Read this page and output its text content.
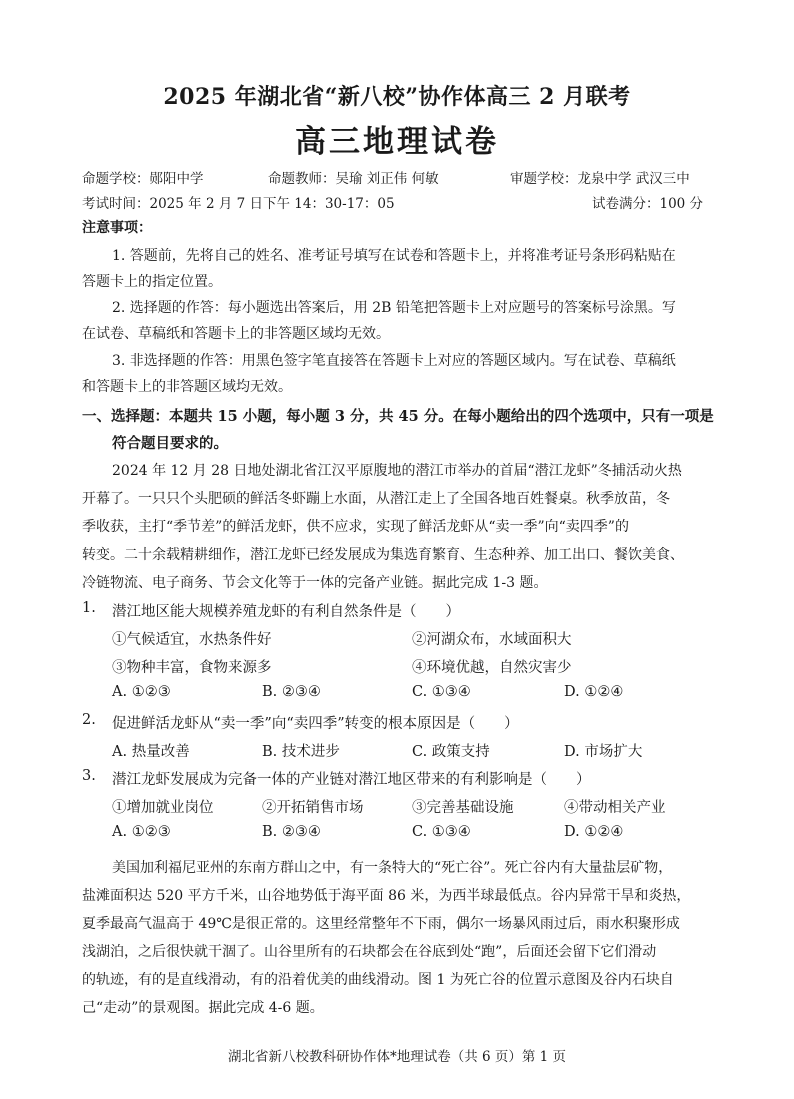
2025 年湖北省“新八校”协作体高三 2 月联考
高三地理试卷
命题学校：郧阳中学	命题教师：吴瑜 刘正伟 何敏	审题学校：龙泉中学 武汉三中
考试时间：2025 年 2 月 7 日下午 14：30-17：05	试卷满分：100 分
注意事项：
1. 答题前，先将自己的姓名、准考证号填写在试卷和答题卡上，并将准考证号条形码粘贴在
答题卡上的指定位置。
2. 选择题的作答：每小题选出答案后，用 2B 铅笔把答题卡上对应题号的答案标号涂黑。写
在试卷、草稿纸和答题卡上的非答题区域均无效。
3. 非选择题的作答：用黑色签字笔直接答在答题卡上对应的答题区域内。写在试卷、草稿纸
和答题卡上的非答题区域均无效。
一、选择题：本题共 15 小题，每小题 3 分，共 45 分。在每小题给出的四个选项中，只有一项是
符合题目要求的。
2024 年 12 月 28 日地处湖北省江汉平原腹地的潜江市举办的首届“潜江龙虾”冬捕活动火热
开幕了。一只只个头肥硕的鲜活冬虾蹦上水面，从潜江走上了全国各地百姓餐桌。秋季放苗，冬
季收获，主打“季节差”的鲜活龙虾，供不应求，实现了鲜活龙虾从“卖一季”向“卖四季”的
转变。二十余载精耕细作，潜江龙虾已经发展成为集选育繁育、生态种养、加工出口、餐饮美食、
冷链物流、电子商务、节会文化等于一体的完备产业链。据此完成 1-3 题。
1. 潜江地区能大规模养殖龙虾的有利自然条件是（　　）
①气候适宜，水热条件好	②河湖众布，水域面积大
③物种丰富，食物来源多	④环境优越，自然灾害少
A. ①②③	B. ②③④	C. ①③④	D. ①②④
2. 促进鲜活龙虾从“卖一季”向“卖四季”转变的根本原因是（　　）
A. 热量改善	B. 技术进步	C. 政策支持	D. 市场扩大
3. 潜江龙虾发展成为完备一体的产业链对潜江地区带来的有利影响是（　　）
①增加就业岗位	②开拓销售市场	③完善基础设施	④带动相关产业
A. ①②③	B. ②③④	C. ①③④	D. ①②④
美国加利福尼亚州的东南方群山之中，有一条特大的“死亡谷”。死亡谷内有大量盐层矿物，
盐滩面积达 520 平方千米，山谷地势低于海平面 86 米，为西半球最低点。谷内异常干旱和炎热，
夏季最高气温高于 49℃是很正常的。这里经常整年不下雨，偶尔一场暴风雨过后，雨水积聚形成
浅湖泊，之后很快就干涸了。山谷里所有的石块都会在谷底到处“跑”，后面还会留下它们滑动
的轨迹，有的是直线滑动，有的沿着优美的曲线滑动。图 1 为死亡谷的位置示意图及谷内石块自
己“走动”的景观图。据此完成 4-6 题。
湖北省新八校教科研协作体*地理试卷（共 6 页）第 1 页
